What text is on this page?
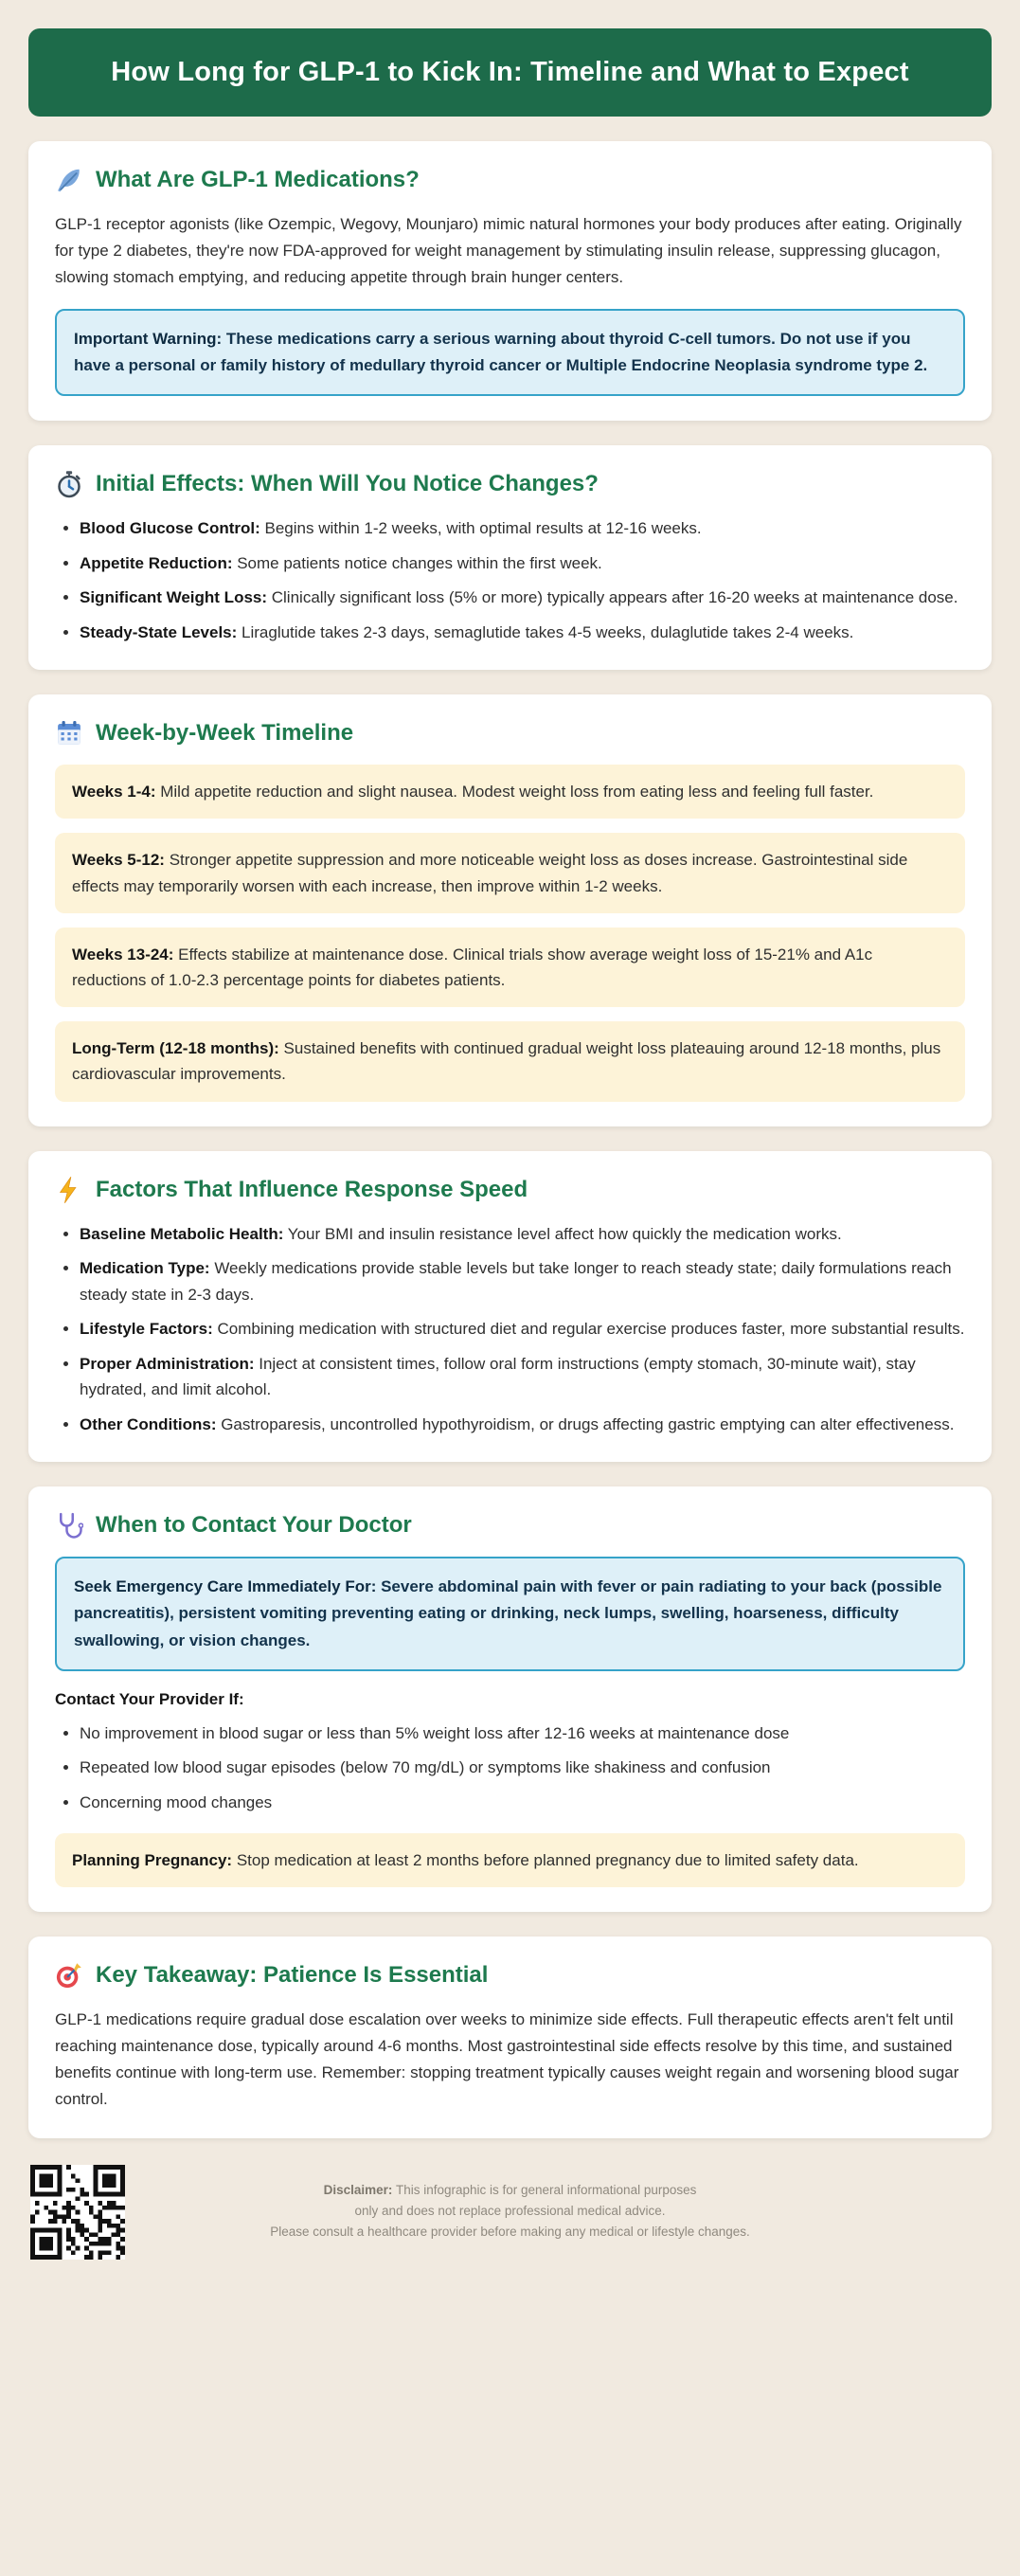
How Long for GLP-1 to Kick In: Timeline and What to Expect
What Are GLP-1 Medications?

GLP-1 receptor agonists (like Ozempic, Wegovy, Mounjaro) mimic natural hormones your body produces after eating. Originally for type 2 diabetes, they're now FDA-approved for weight management by stimulating insulin release, suppressing glucagon, slowing stomach emptying, and reducing appetite through brain hunger centers.

Important Warning: These medications carry a serious warning about thyroid C-cell tumors. Do not use if you have a personal or family history of medullary thyroid cancer or Multiple Endocrine Neoplasia syndrome type 2.
Initial Effects: When Will You Notice Changes?
• Blood Glucose Control: Begins within 1-2 weeks, with optimal results at 12-16 weeks.
• Appetite Reduction: Some patients notice changes within the first week.
• Significant Weight Loss: Clinically significant loss (5% or more) typically appears after 16-20 weeks at maintenance dose.
• Steady-State Levels: Liraglutide takes 2-3 days, semaglutide takes 4-5 weeks, dulaglutide takes 2-4 weeks.
Week-by-Week Timeline
Weeks 1-4: Mild appetite reduction and slight nausea. Modest weight loss from eating less and feeling full faster.
Weeks 5-12: Stronger appetite suppression and more noticeable weight loss as doses increase. Gastrointestinal side effects may temporarily worsen with each increase, then improve within 1-2 weeks.
Weeks 13-24: Effects stabilize at maintenance dose. Clinical trials show average weight loss of 15-21% and A1c reductions of 1.0-2.3 percentage points for diabetes patients.
Long-Term (12-18 months): Sustained benefits with continued gradual weight loss plateauing around 12-18 months, plus cardiovascular improvements.
Factors That Influence Response Speed
• Baseline Metabolic Health: Your BMI and insulin resistance level affect how quickly the medication works.
• Medication Type: Weekly medications provide stable levels but take longer to reach steady state; daily formulations reach steady state in 2-3 days.
• Lifestyle Factors: Combining medication with structured diet and regular exercise produces faster, more substantial results.
• Proper Administration: Inject at consistent times, follow oral form instructions (empty stomach, 30-minute wait), stay hydrated, and limit alcohol.
• Other Conditions: Gastroparesis, uncontrolled hypothyroidism, or drugs affecting gastric emptying can alter effectiveness.
When to Contact Your Doctor
Seek Emergency Care Immediately For: Severe abdominal pain with fever or pain radiating to your back (possible pancreatitis), persistent vomiting preventing eating or drinking, neck lumps, swelling, hoarseness, difficulty swallowing, or vision changes.
Contact Your Provider If:
• No improvement in blood sugar or less than 5% weight loss after 12-16 weeks at maintenance dose
• Repeated low blood sugar episodes (below 70 mg/dL) or symptoms like shakiness and confusion
• Concerning mood changes
Planning Pregnancy: Stop medication at least 2 months before planned pregnancy due to limited safety data.
Key Takeaway: Patience Is Essential

GLP-1 medications require gradual dose escalation over weeks to minimize side effects. Full therapeutic effects aren't felt until reaching maintenance dose, typically around 4-6 months. Most gastrointestinal side effects resolve by this time, and sustained benefits continue with long-term use. Remember: stopping treatment typically causes weight regain and worsening blood sugar control.

Disclaimer: This infographic is for general informational purposes
only and does not replace professional medical advice.
Please consult a healthcare provider before making any medical or lifestyle changes.
